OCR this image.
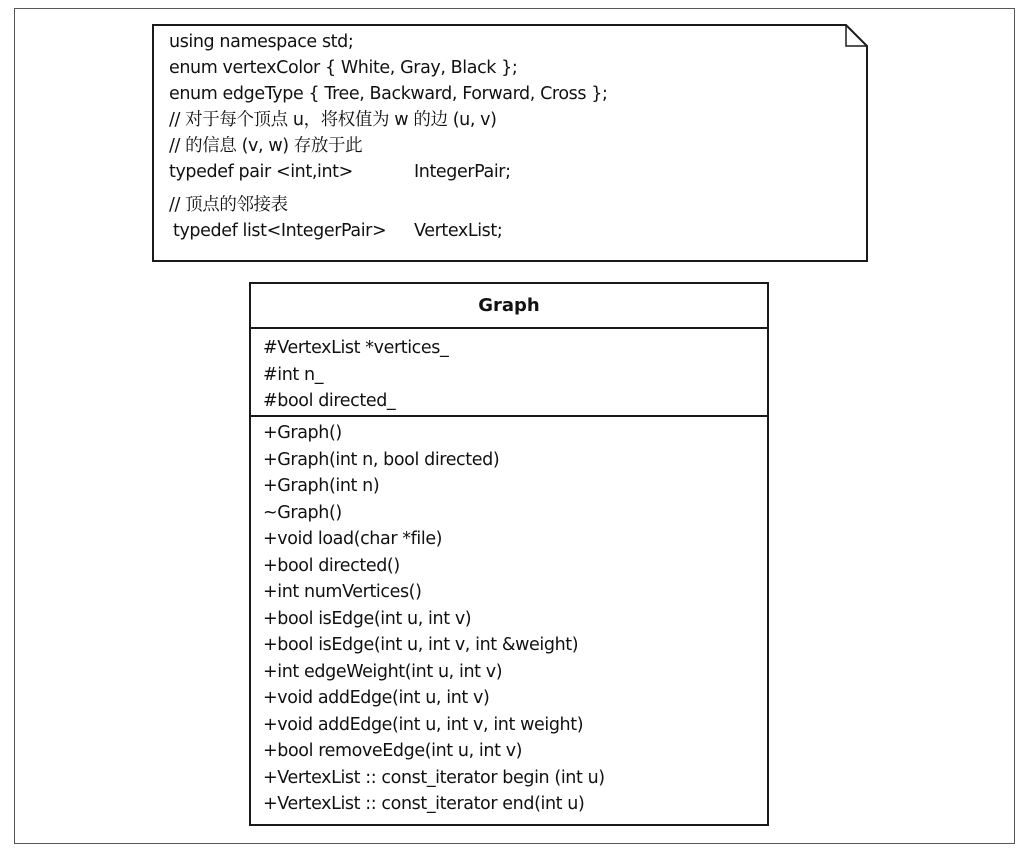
using namespace std;
enum vertexColor { White, Gray, Black };
enum edgeType { Tree, Backward, Forward, Cross };
// 对于每个顶点 u，将权值为 w 的边 (u, v)
// 的信息 (v, w) 存放于此
typedef pair <int,int>	IntegerPair;
// 顶点的邻接表
typedef list<IntegerPair> VertexList;
Graph
#VertexList *vertices_
#int n_
#bool directed_
+Graph()
+Graph(int n, bool directed)
+Graph(int n)
~Graph()
+void load(char *file)
+bool directed()
+int numVertices()
+bool isEdge(int u, int v)
+bool isEdge(int u, int v, int &weight)
+int edgeWeight(int u, int v)
+void addEdge(int u, int v)
+void addEdge(int u, int v, int weight)
+bool removeEdge(int u, int v)
+VertexList :: const_iterator begin (int u)
+VertexList :: const_iterator end(int u)
